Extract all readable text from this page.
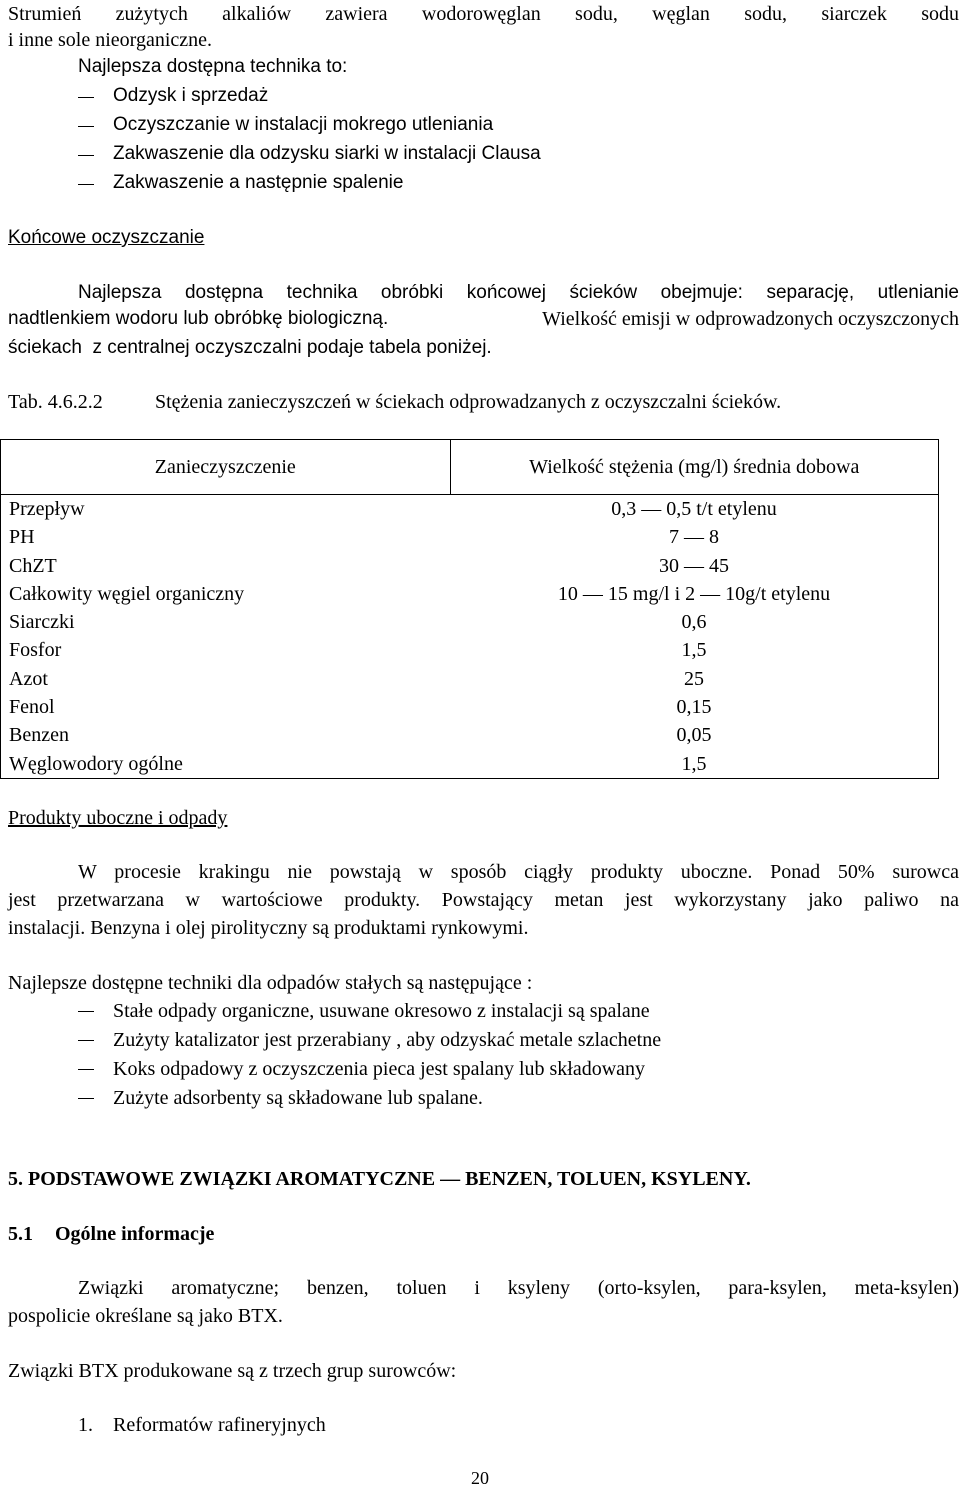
Strumień zużytych alkaliów zawiera wodorowęglan sodu, węglan sodu, siarczek sodu
i inne sole nieorganiczne.
Najlepsza dostępna technika to:
Odzysk i sprzedaż
Oczyszczanie w instalacji mokrego utleniania
Zakwaszenie dla odzysku siarki w instalacji Clausa
Zakwaszenie a następnie spalenie
Końcowe oczyszczanie
Najlepsza dostępna technika obróbki końcowej ścieków obejmuje: separację, utlenianie
nadtlenkiem wodoru lub obróbkę biologiczną.	Wielkość emisji w odprowadzonych oczyszczonych
ściekach  z centralnej oczyszczalni podaje tabela poniżej.
Tab. 4.6.2.2	Stężenia zanieczyszczeń w ściekach odprowadzanych z oczyszczalni ścieków.
Zanieczyszczenie	Wielkość stężenia (mg/l) średnia dobowa
Przepływ	0,3 — 0,5 t/t etylenu
PH	7 — 8
ChZT	30 — 45
Całkowity węgiel organiczny	10 — 15 mg/l i 2 — 10g/t etylenu
Siarczki	0,6
Fosfor	1,5
Azot	25
Fenol	0,15
Benzen	0,05
Węglowodory ogólne	1,5
Produkty uboczne i odpady
W procesie krakingu nie powstają w sposób ciągły produkty uboczne. Ponad 50% surowca
jest przetwarzana w wartościowe produkty. Powstający metan jest wykorzystany jako paliwo na
instalacji. Benzyna i olej pirolityczny są produktami rynkowymi.
Najlepsze dostępne techniki dla odpadów stałych są następujące :
Stałe odpady organiczne, usuwane okresowo z instalacji są spalane
Zużyty katalizator jest przerabiany , aby odzyskać metale szlachetne
Koks odpadowy z oczyszczenia pieca jest spalany lub składowany
Zużyte adsorbenty są składowane lub spalane.
5. PODSTAWOWE ZWIĄZKI AROMATYCZNE — BENZEN, TOLUEN, KSYLENY.
5.1 Ogólne informacje
Związki aromatyczne; benzen, toluen i ksyleny (orto-ksylen, para-ksylen, meta-ksylen)
pospolicie określane są jako BTX.
Związki BTX produkowane są z trzech grup surowców:
1. Reformatów rafineryjnych
20
